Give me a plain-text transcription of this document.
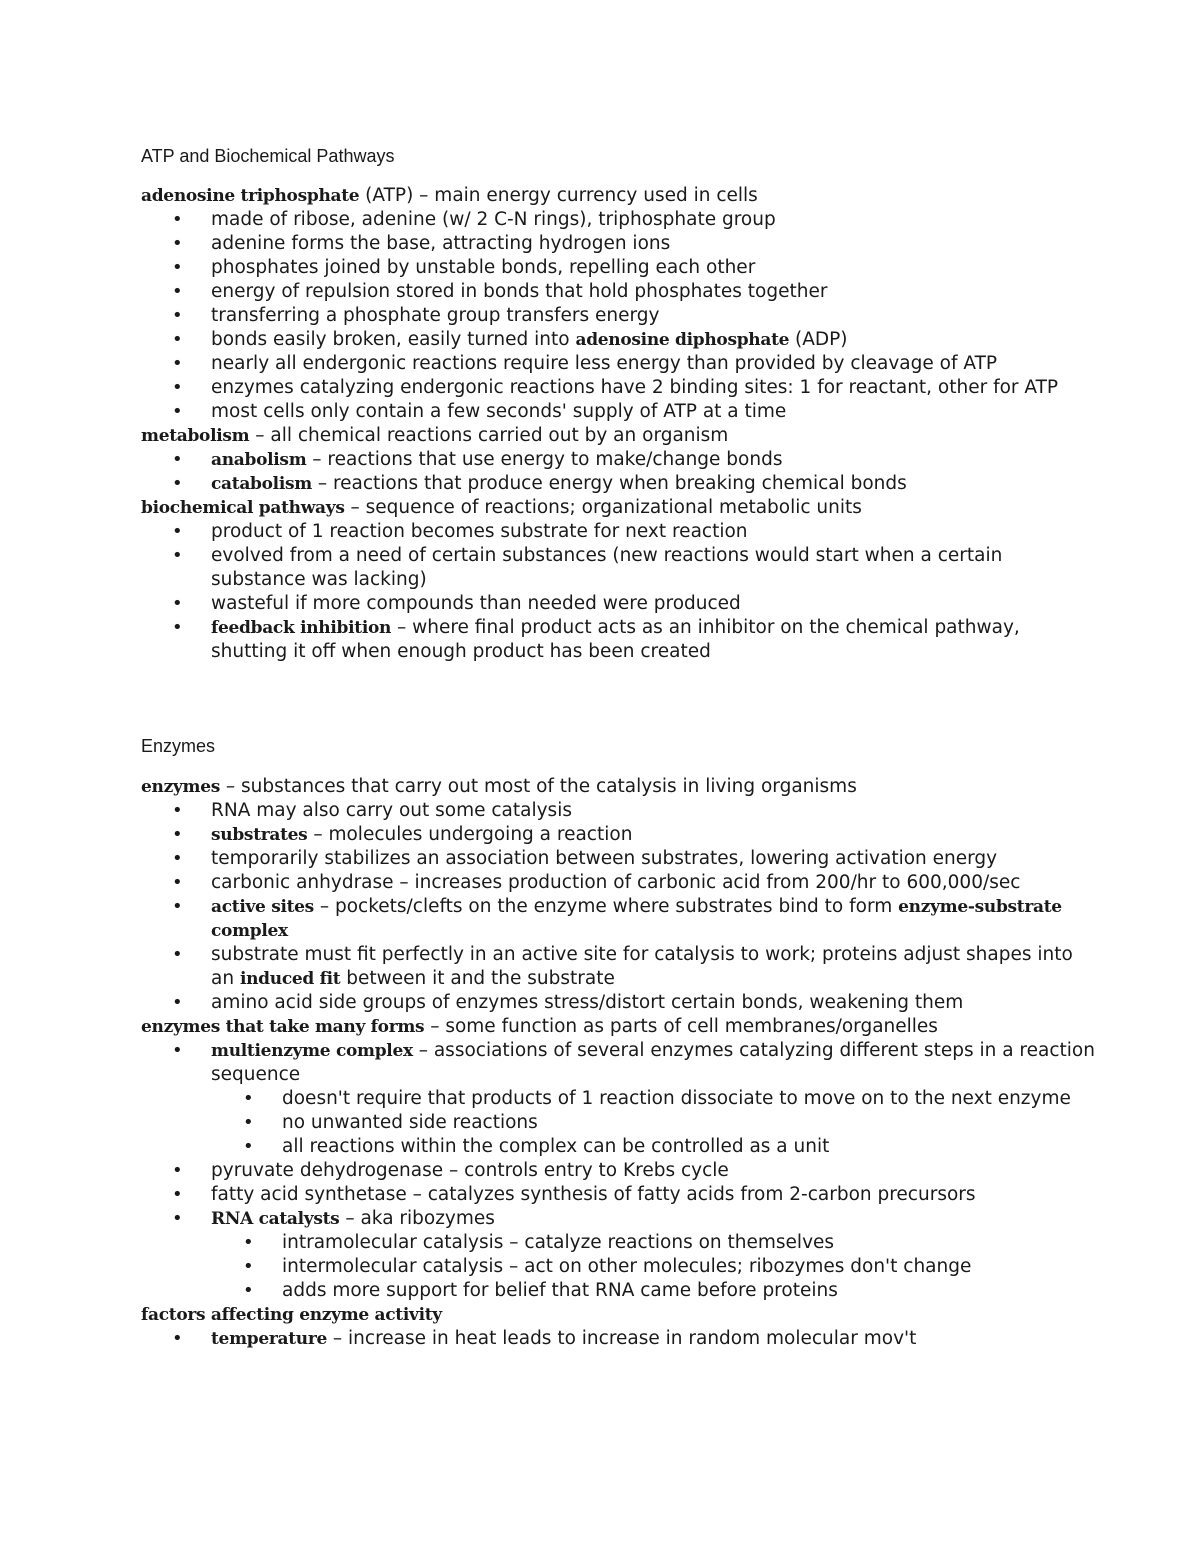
ATP and Biochemical Pathways
adenosine triphosphate (ATP) – main energy currency used in cells
• made of ribose, adenine (w/ 2 C-N rings), triphosphate group
• adenine forms the base, attracting hydrogen ions
• phosphates joined by unstable bonds, repelling each other
• energy of repulsion stored in bonds that hold phosphates together
• transferring a phosphate group transfers energy
• bonds easily broken, easily turned into adenosine diphosphate (ADP)
• nearly all endergonic reactions require less energy than provided by cleavage of ATP
• enzymes catalyzing endergonic reactions have 2 binding sites: 1 for reactant, other for ATP
• most cells only contain a few seconds' supply of ATP at a time
metabolism – all chemical reactions carried out by an organism
• anabolism – reactions that use energy to make/change bonds
• catabolism – reactions that produce energy when breaking chemical bonds
biochemical pathways – sequence of reactions; organizational metabolic units
• product of 1 reaction becomes substrate for next reaction
• evolved from a need of certain substances (new reactions would start when a certain substance was lacking)
• wasteful if more compounds than needed were produced
• feedback inhibition – where final product acts as an inhibitor on the chemical pathway, shutting it off when enough product has been created
Enzymes
enzymes – substances that carry out most of the catalysis in living organisms
• RNA may also carry out some catalysis
• substrates – molecules undergoing a reaction
• temporarily stabilizes an association between substrates, lowering activation energy
• carbonic anhydrase – increases production of carbonic acid from 200/hr to 600,000/sec
• active sites – pockets/clefts on the enzyme where substrates bind to form enzyme-substrate complex
• substrate must fit perfectly in an active site for catalysis to work; proteins adjust shapes into an induced fit between it and the substrate
• amino acid side groups of enzymes stress/distort certain bonds, weakening them
enzymes that take many forms – some function as parts of cell membranes/organelles
• multienzyme complex – associations of several enzymes catalyzing different steps in a reaction sequence
• doesn't require that products of 1 reaction dissociate to move on to the next enzyme
• no unwanted side reactions
• all reactions within the complex can be controlled as a unit
• pyruvate dehydrogenase – controls entry to Krebs cycle
• fatty acid synthetase – catalyzes synthesis of fatty acids from 2-carbon precursors
• RNA catalysts – aka ribozymes
• intramolecular catalysis – catalyze reactions on themselves
• intermolecular catalysis – act on other molecules; ribozymes don't change
• adds more support for belief that RNA came before proteins
factors affecting enzyme activity
• temperature – increase in heat leads to increase in random molecular mov't
